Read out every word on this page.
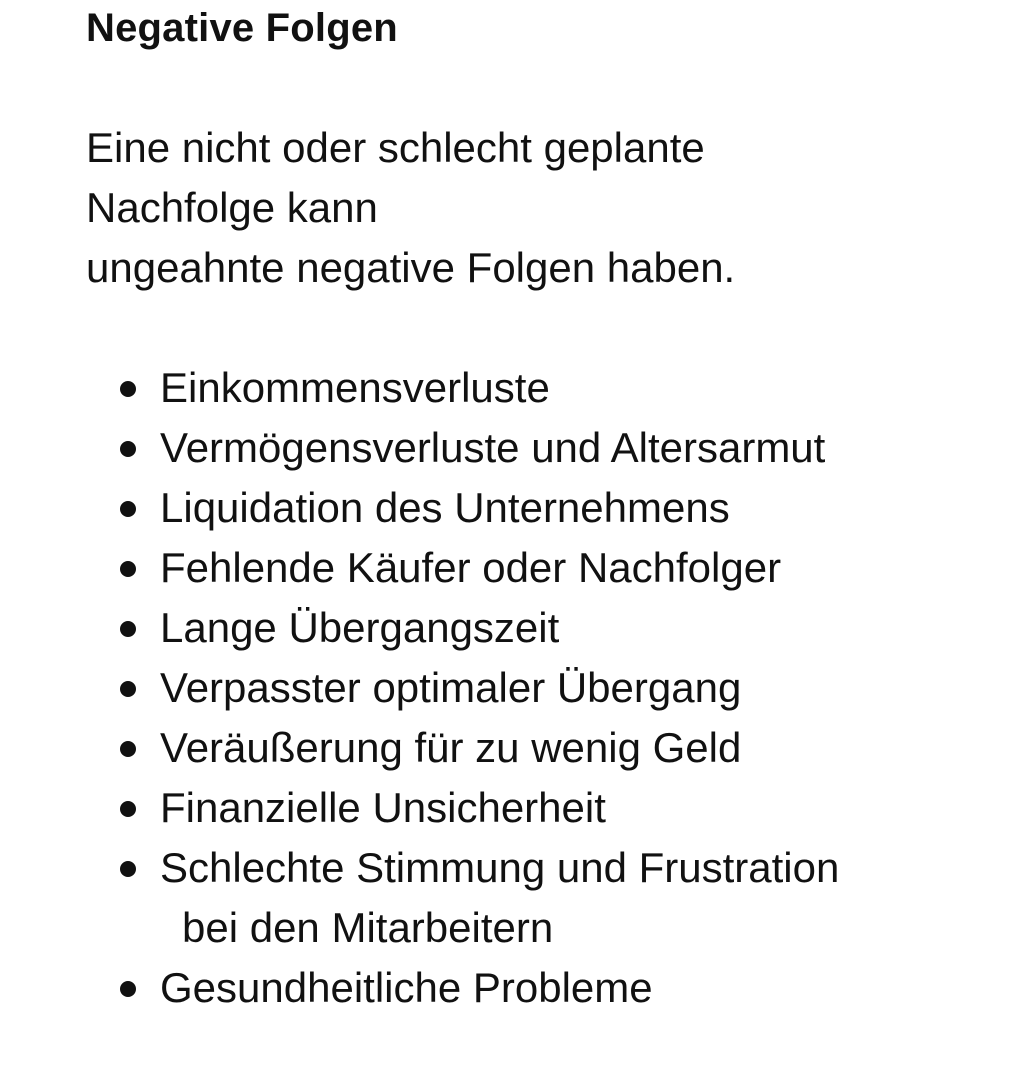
Negative Folgen

Eine nicht oder schlecht geplante
Nachfolge kann
ungeahnte negative Folgen haben.

Einkommensverluste
Vermögensverluste und Altersarmut
Liquidation des Unternehmens
Fehlende Käufer oder Nachfolger
Lange Übergangszeit
Verpasster optimaler Übergang
Veräußerung für zu wenig Geld
Finanzielle Unsicherheit
Schlechte Stimmung und Frustration
bei den Mitarbeitern
Gesundheitliche Probleme
